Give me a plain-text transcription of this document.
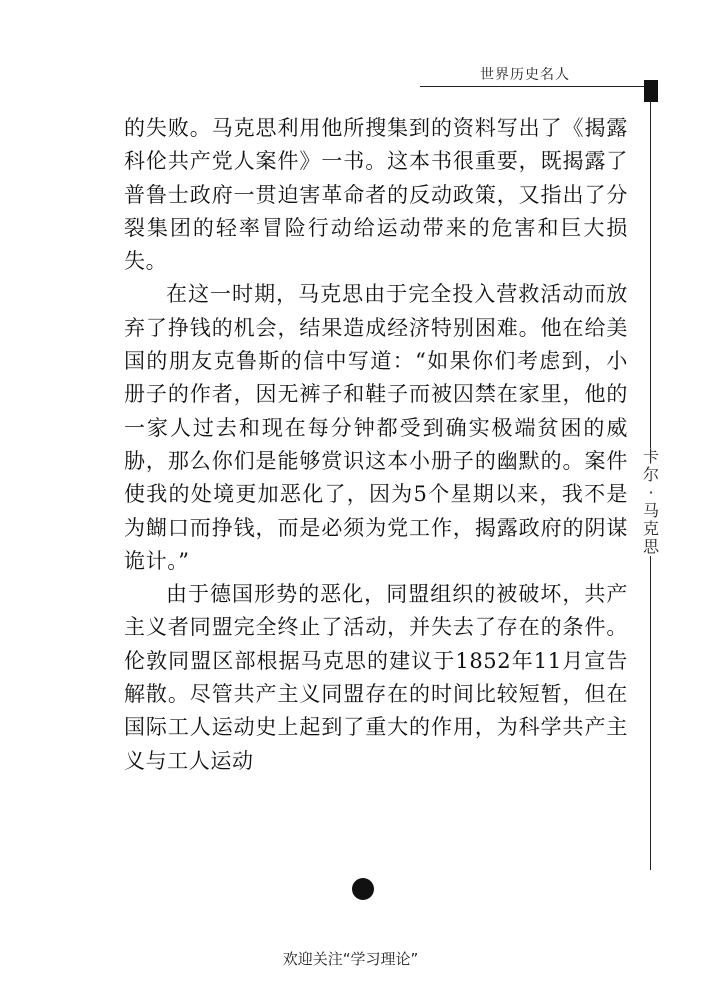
世界历史名人
卡
尔
·
马
克
思

的失败。马克思利用他所搜集到的资料写出了《揭露科伦共产党人案件》一书。这本书很重要，既揭露了普鲁士政府一贯迫害革命者的反动政策，又指出了分裂集团的轻率冒险行动给运动带来的危害和巨大损失。

在这一时期，马克思由于完全投入营救活动而放弃了挣钱的机会，结果造成经济特别困难。他在给美国的朋友克鲁斯的信中写道：“如果你们考虑到，小册子的作者，因无裤子和鞋子而被囚禁在家里，他的一家人过去和现在每分钟都受到确实极端贫困的威胁，那么你们是能够赏识这本小册子的幽默的。案件使我的处境更加恶化了，因为5个星期以来，我不是为餬口而挣钱，而是必须为党工作，揭露政府的阴谋诡计。”

由于德国形势的恶化，同盟组织的被破坏，共产主义者同盟完全终止了活动，并失去了存在的条件。伦敦同盟区部根据马克思的建议于1852年11月宣告解散。尽管共产主义同盟存在的时间比较短暂，但在国际工人运动史上起到了重大的作用，为科学共产主义与工人运动

欢迎关注“学习理论”
